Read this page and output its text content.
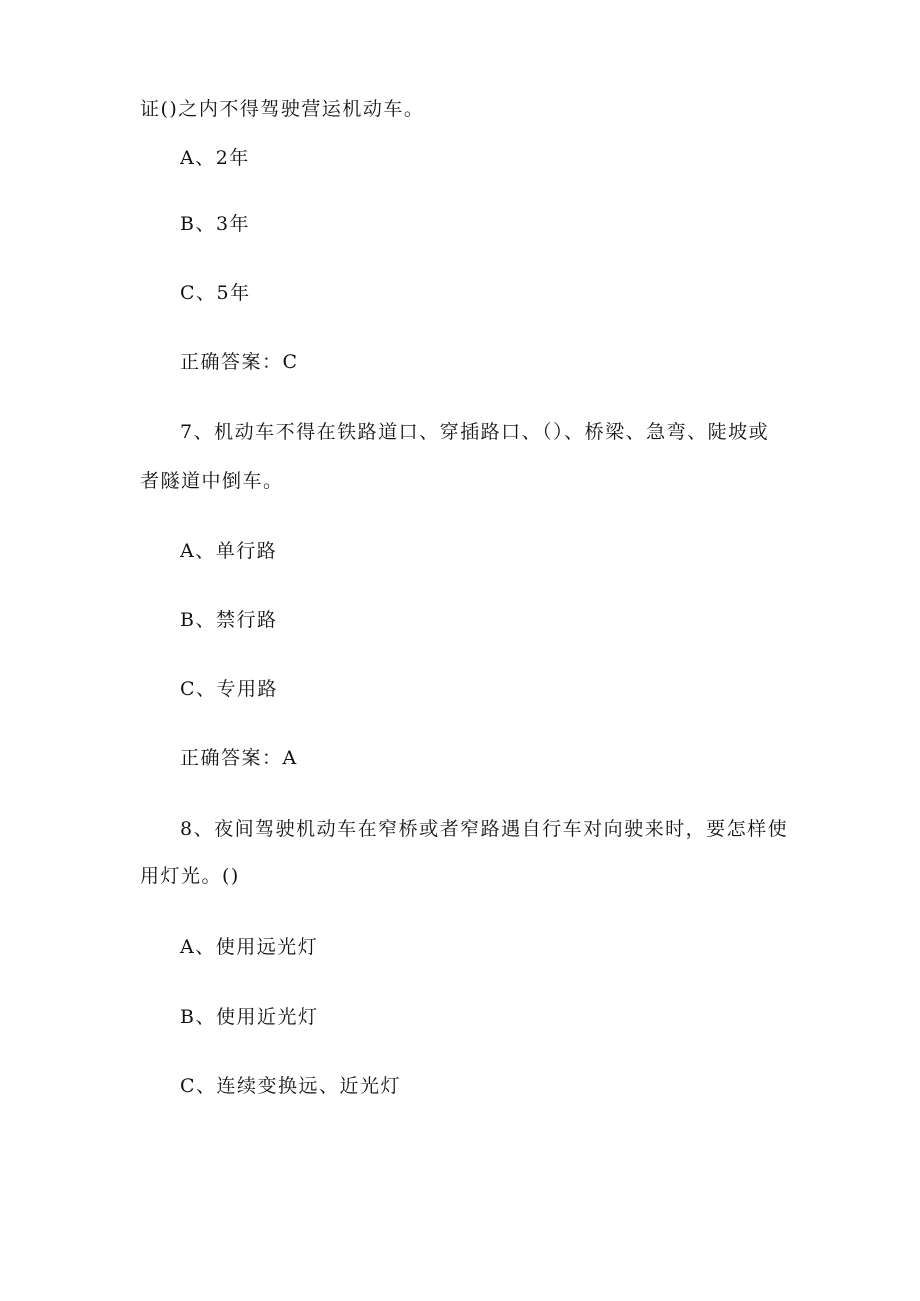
证()之内不得驾驶营运机动车。
A、2年
B、3年
C、5年
正确答案：C
7、机动车不得在铁路道口、穿插路口、（）、桥梁、急弯、陡坡或
者隧道中倒车。
A、单行路
B、禁行路
C、专用路
正确答案：A
8、夜间驾驶机动车在窄桥或者窄路遇自行车对向驶来时，要怎样使
用灯光。()
A、使用远光灯
B、使用近光灯
C、连续变换远、近光灯
